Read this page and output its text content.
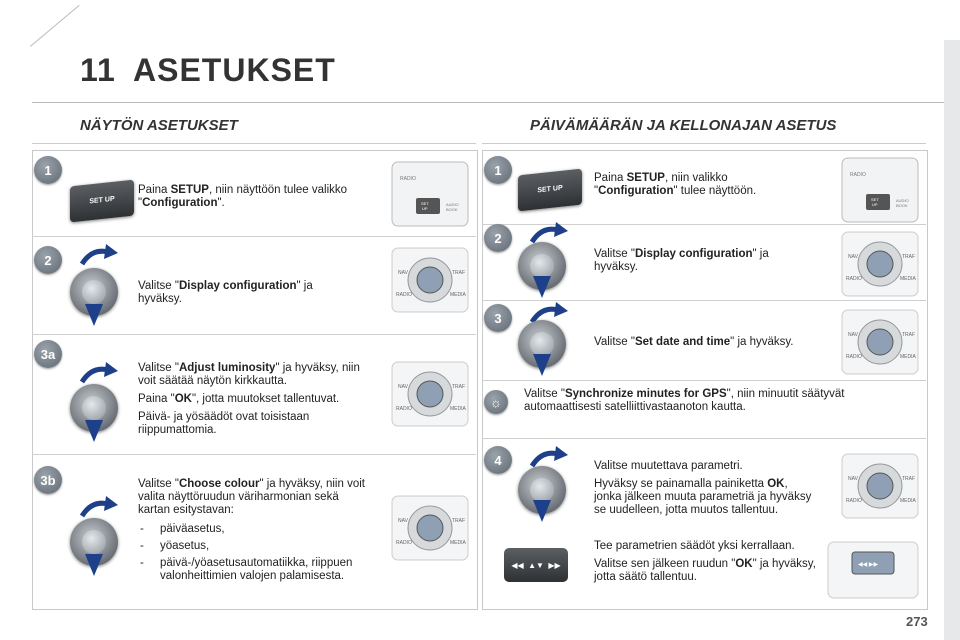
11 ASETUKSET
NÄYTÖN ASETUKSET
1
SET UP
Paina SETUP, niin näyttöön tulee valikko "Configuration".
RADIO
AUDIO
BOOK
SET
UP
2
Valitse "Display configuration" ja hyväksy.
NAV	TRAF
RADIO	MEDIA
3a

Valitse "Adjust luminosity" ja hyväksy, niin voit säätää näytön kirkkautta.

Paina "OK", jotta muutokset tallentuvat.

Päivä- ja yösäädöt ovat toisistaan riippumattomia.

NAV	TRAF
RADIO	MEDIA
3b	Valitse "Choose colour" ja hyväksy, niin voit valita näyttöruudun väriharmonian sekä kartan esitystavan:
- päiväasetus,
- yöasetus,
- päivä-/yöasetusautomatiikka, riippuen valonheittimien valojen palamisesta.
NAV	TRAF
RADIO	MEDIA
PÄIVÄMÄÄRÄN JA KELLONAJAN ASETUS
1
SET UP
Paina SETUP, niin valikko "Configuration" tulee näyttöön.
RADIO
AUDIO
BOOK
SET
UP
2
Valitse "Display configuration" ja hyväksy.
NAV	TRAF
RADIO	MEDIA
3
Valitse "Set date and time" ja hyväksy.
NAV	TRAF
RADIO	MEDIA
☼
Valitse "Synchronize minutes for GPS", niin minuutit säätyvät automaattisesti satelliittivastaanoton kautta.
4	Valitse muutettava parametri.

Hyväksy se painamalla painiketta OK, jonka jälkeen muuta parametriä ja hyväksy se uudelleen, jotta muutos tallentuu.

NAV	TRAF
RADIO	MEDIA
◀◀
▲▼
▶▶

Tee parametrien säädöt yksi kerrallaan.

Valitse sen jälkeen ruudun "OK" ja hyväksy, jotta säätö tallentuu.

◀◀ ▶▶
273
